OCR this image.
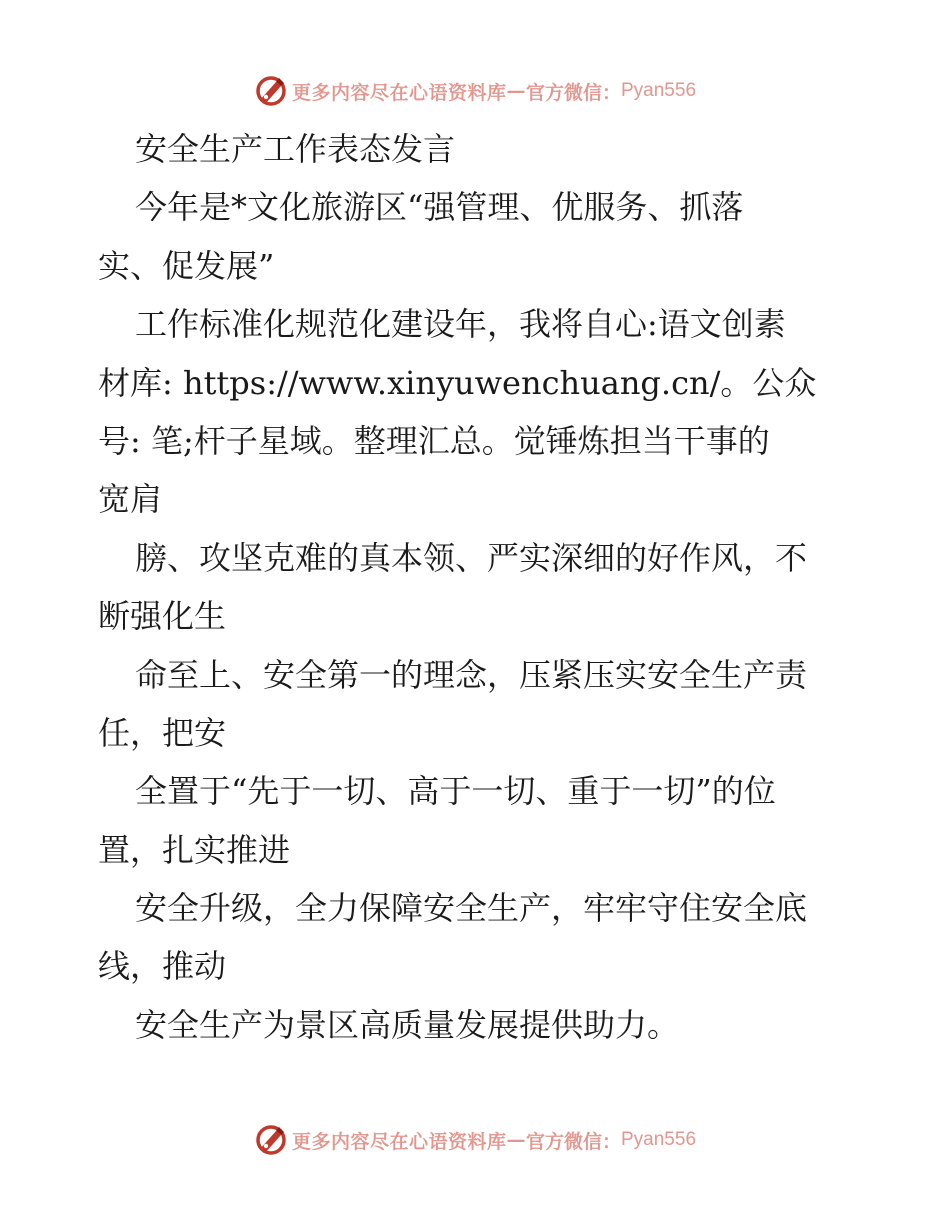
更多内容尽在心语资料库 — 官方微信： Pyan556
安全生产工作表态发言
今年是*文化旅游区“强管理、优服务、抓落
实、促发展”
工作标准化规范化建设年，我将自心:语文创素
材库: https://www.xinyuwenchuang.cn/。公众
号: 笔;杆子星域。整理汇总。觉锤炼担当干事的
宽肩
膀、攻坚克难的真本领、严实深细的好作风，不
断强化生
命至上、安全第一的理念，压紧压实安全生产责
任，把安
全置于“先于一切、高于一切、重于一切”的位
置，扎实推进
安全升级，全力保障安全生产，牢牢守住安全底
线，推动
安全生产为景区高质量发展提供助力。
更多内容尽在心语资料库 — 官方微信： Pyan556
